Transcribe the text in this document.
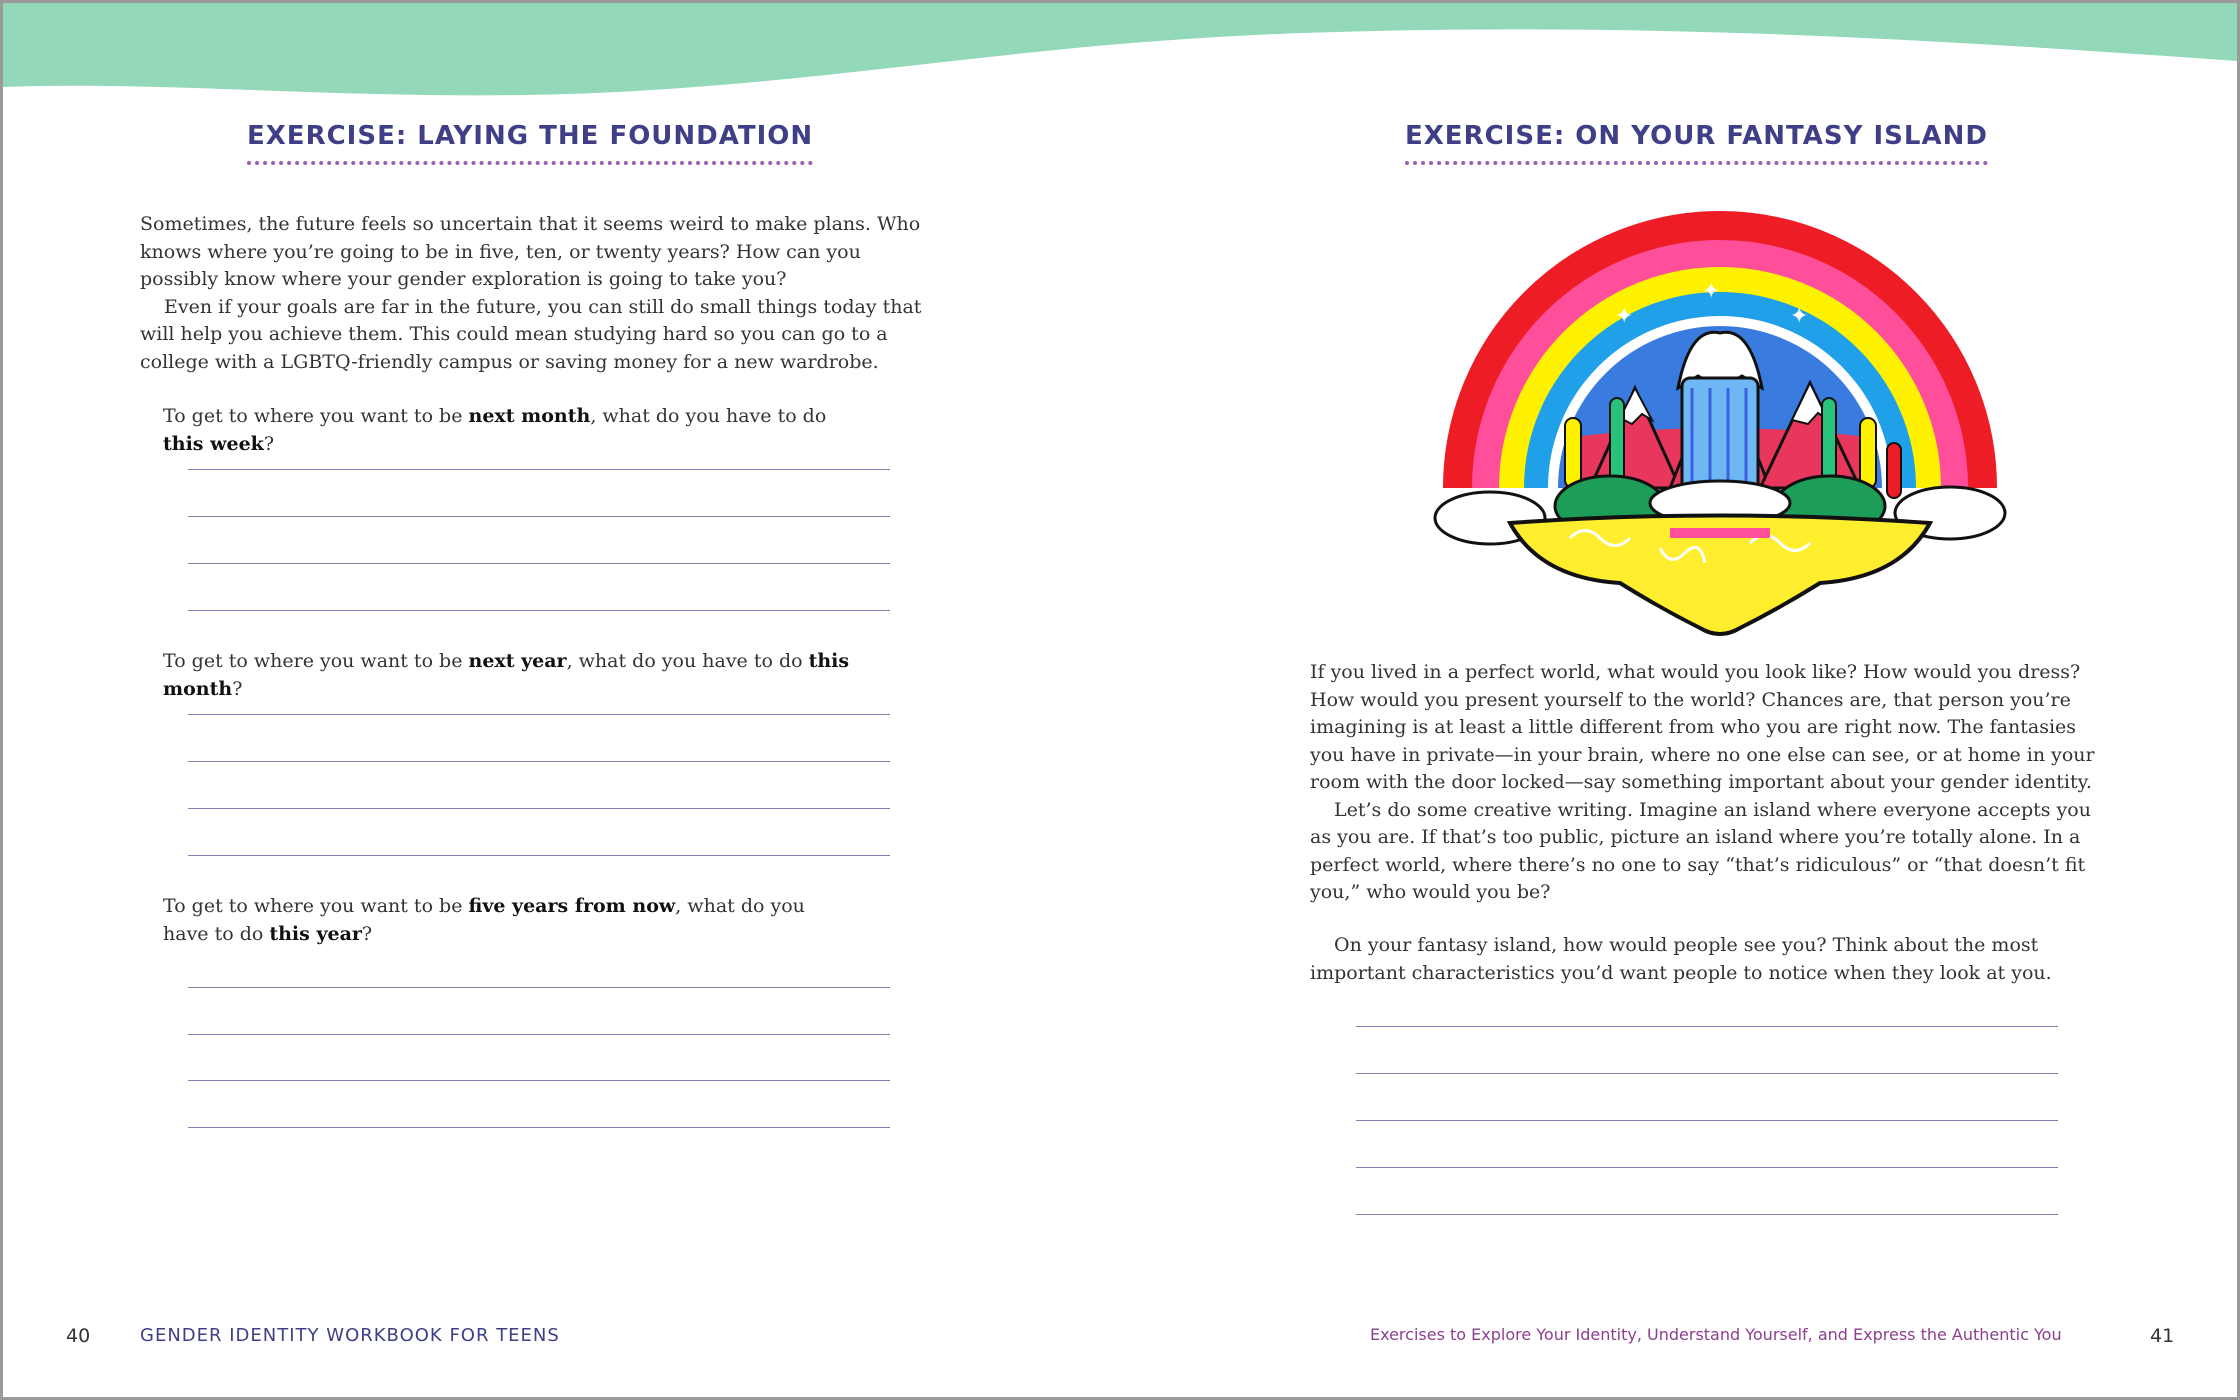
EXERCISE: LAYING THE FOUNDATION

Sometimes, the future feels so uncertain that it seems weird to make plans. Who knows where you’re going to be in five, ten, or twenty years? How can you possibly know where your gender exploration is going to take you?

Even if your goals are far in the future, you can still do small things today that will help you achieve them. This could mean studying hard so you can go to a college with a LGBTQ-friendly campus or saving money for a new wardrobe.

To get to where you want to be next month, what do you have to do this week?
To get to where you want to be next year, what do you have to do this month?
To get to where you want to be five years from now, what do you have to do this year?
40	GENDER IDENTITY WORKBOOK FOR TEENS
EXERCISE: ON YOUR FANTASY ISLAND
✦
✦
✦

If you lived in a perfect world, what would you look like? How would you dress? How would you present yourself to the world? Chances are, that person you’re imagining is at least a little different from who you are right now. The fantasies you have in private—in your brain, where no one else can see, or at home in your room with the door locked—say something important about your gender identity.

Let’s do some creative writing. Imagine an island where everyone accepts you as you are. If that’s too public, picture an island where you’re totally alone. In a perfect world, where there’s no one to say “that’s ridiculous” or “that doesn’t fit you,” who would you be?

On your fantasy island, how would people see you? Think about the most important characteristics you’d want people to notice when they look at you.
Exercises to Explore Your Identity, Understand Yourself, and Express the Authentic You	41
